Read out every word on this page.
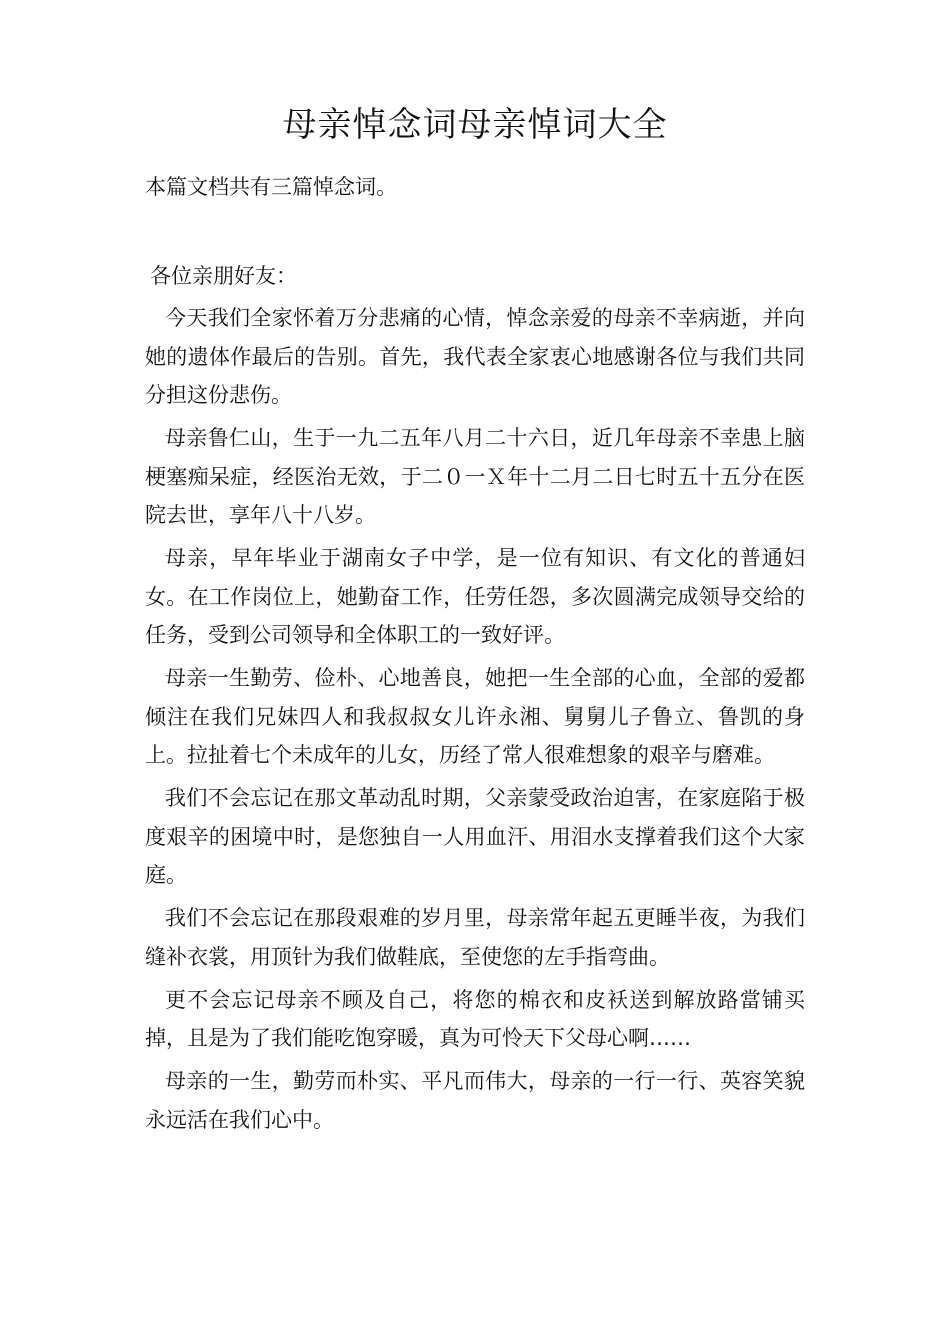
母亲悼念词母亲悼词大全

本篇文档共有三篇悼念词。

各位亲朋好友：

今天我们全家怀着万分悲痛的心情，悼念亲爱的母亲不幸病逝，并向她的遗体作最后的告别。首先，我代表全家衷心地感谢各位与我们共同分担这份悲伤。

母亲鲁仁山，生于一九二五年八月二十六日，近几年母亲不幸患上脑梗塞痴呆症，经医治无效，于二０一Ｘ年十二月二日七时五十五分在医院去世，享年八十八岁。

母亲，早年毕业于湖南女子中学，是一位有知识、有文化的普通妇女。在工作岗位上，她勤奋工作，任劳任怨，多次圆满完成领导交给的任务，受到公司领导和全体职工的一致好评。

母亲一生勤劳、俭朴、心地善良，她把一生全部的心血，全部的爱都倾注在我们兄妹四人和我叔叔女儿许永湘、舅舅儿子鲁立、鲁凯的身上。拉扯着七个未成年的儿女，历经了常人很难想象的艰辛与磨难。

我们不会忘记在那文革动乱时期，父亲蒙受政治迫害，在家庭陷于极度艰辛的困境中时，是您独自一人用血汗、用泪水支撑着我们这个大家庭。

我们不会忘记在那段艰难的岁月里，母亲常年起五更睡半夜，为我们缝补衣裳，用顶针为我们做鞋底，至使您的左手指弯曲。

更不会忘记母亲不顾及自己，将您的棉衣和皮袄送到解放路當铺买掉，且是为了我们能吃饱穿暖，真为可怜天下父母心啊……

母亲的一生，勤劳而朴实、平凡而伟大，母亲的一行一行、英容笑貌永远活在我们心中。
